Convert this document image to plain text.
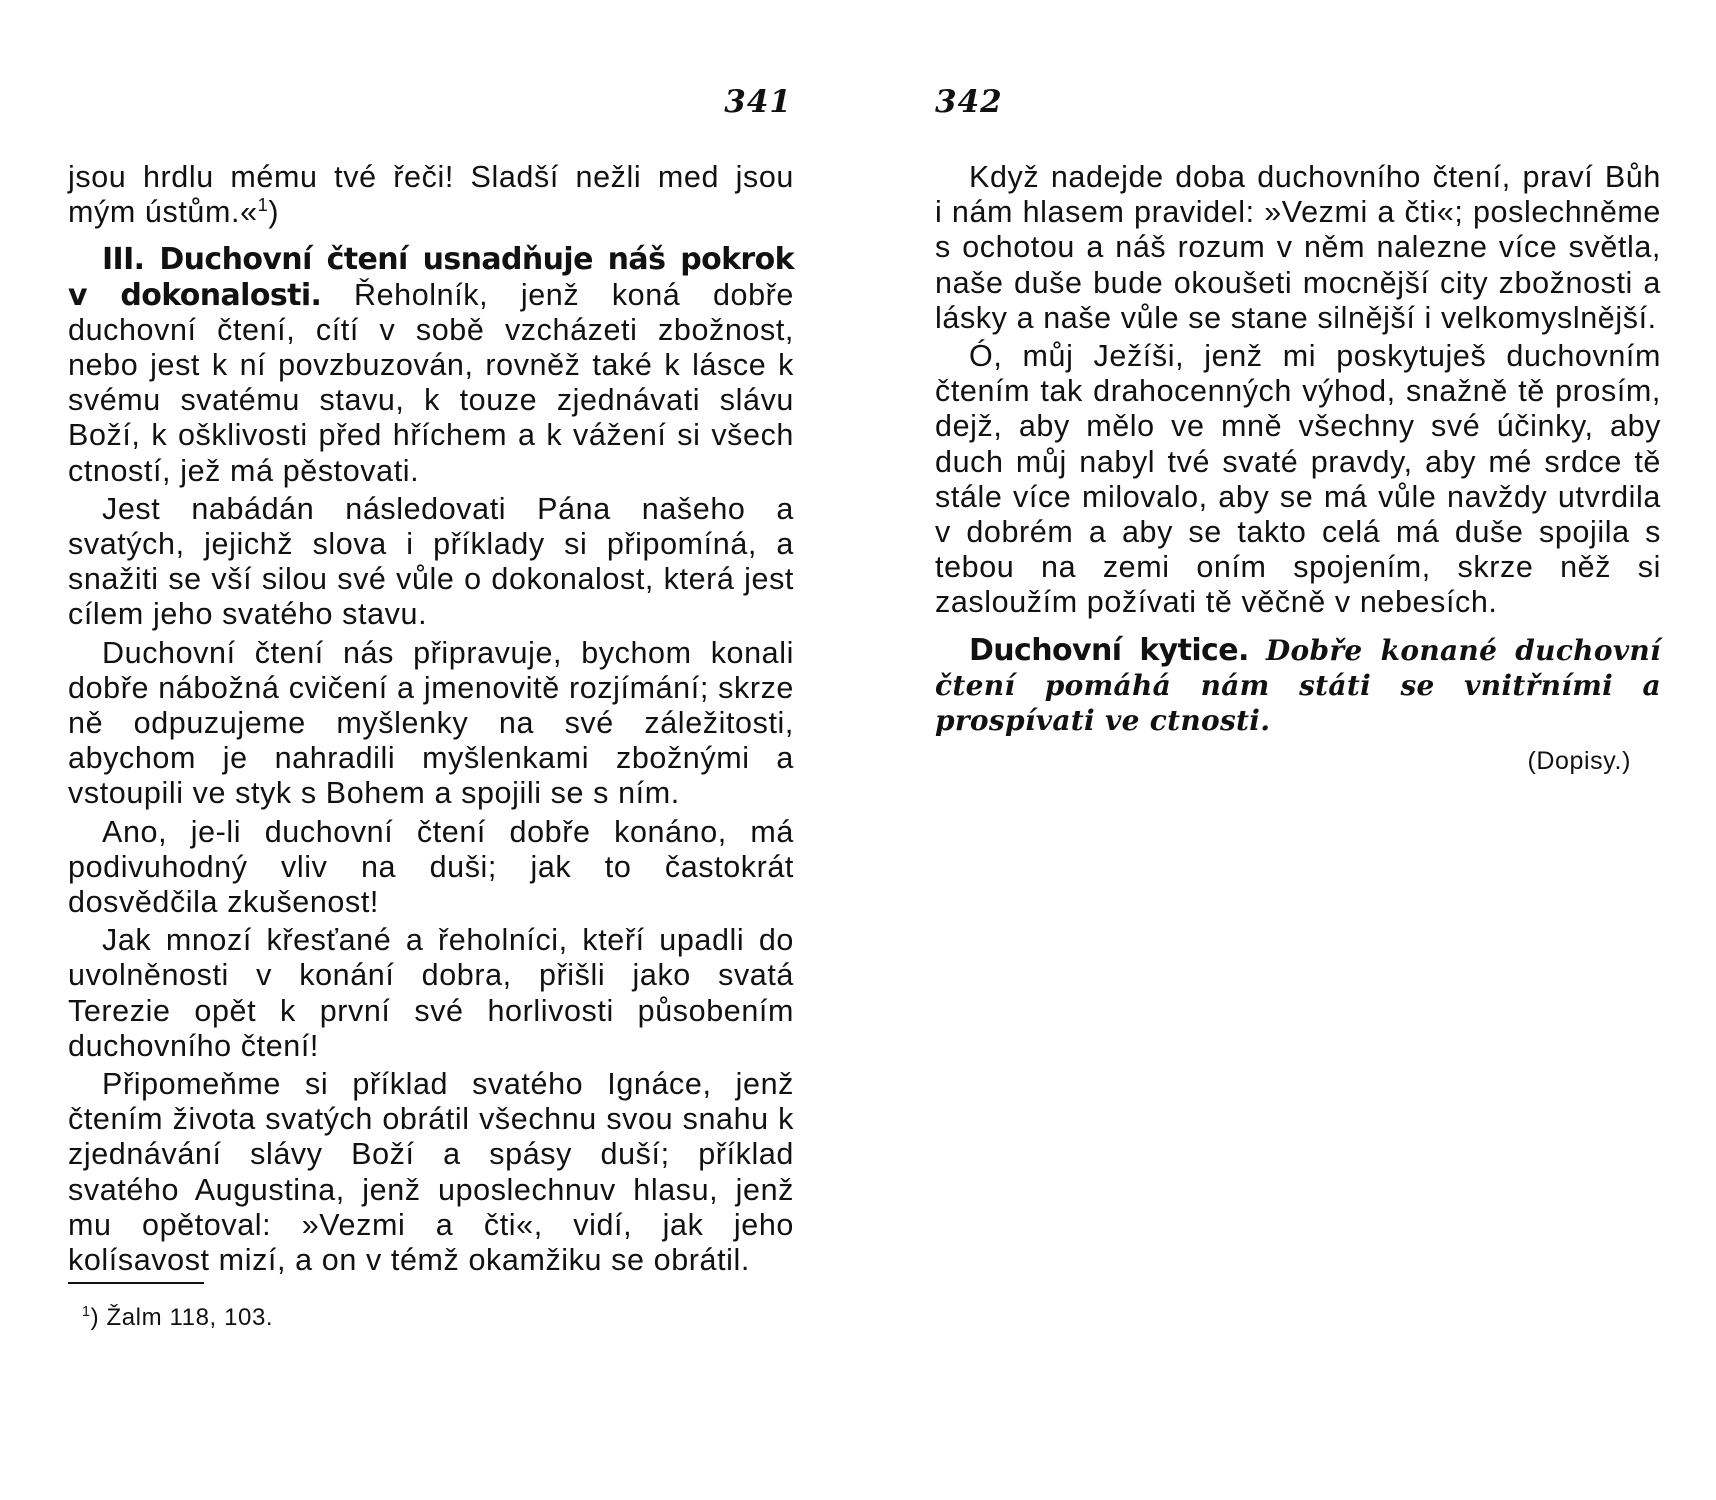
341

jsou hrdlu mému tvé řeči! Sladší nežli med jsou mým ústům.«$^1$)

III. Duchovní čtení usnadňuje náš pokrok v dokonalosti. Řeholník, jenž koná dobře duchovní čtení, cítí v sobě vzcházeti zbožnost, nebo jest k ní povzbuzován, rovněž také k lásce k svému svatému stavu, k touze zjednávati slávu Boží, k ošklivosti před hříchem a k vážení si všech ctností, jež má pěstovati.

Jest nabádán následovati Pána našeho a svatých, jejichž slova i příklady si připomíná, a snažiti se vší silou své vůle o dokonalost, která jest cílem jeho svatého stavu.

Duchovní čtení nás připravuje, bychom konali dobře nábožná cvičení a jmenovitě rozjímání; skrze ně odpuzujeme myšlenky na své záležitosti, abychom je nahradili myšlenkami zbožnými a vstoupili ve styk s Bohem a spojili se s ním.

Ano, je-li duchovní čtení dobře konáno, má podivuhodný vliv na duši; jak to častokrát dosvědčila zkušenost!

Jak mnozí křesťané a řeholníci, kteří upadli do uvolněnosti v konání dobra, přišli jako svatá Terezie opět k první své horlivosti působením duchovního čtení!

Připomeňme si příklad svatého Ignáce, jenž čtením života svatých obrátil všechnu svou snahu k zjednávání slávy Boží a spásy duší; příklad svatého Augustina, jenž uposlechnuv hlasu, jenž mu opětoval: »Vezmi a čti«, vidí, jak jeho kolísavost mizí, a on v témž okamžiku se obrátil.

$^1$) Žalm 118, 103.
342

Když nadejde doba duchovního čtení, praví Bůh i nám hlasem pravidel: »Vezmi a čti«; poslechněme s ochotou a náš rozum v něm nalezne více světla, naše duše bude okoušeti mocnější city zbožnosti a lásky a naše vůle se stane silnější i velkomyslnější.

Ó, můj Ježíši, jenž mi poskytuješ duchovním čtením tak drahocenných výhod, snažně tě prosím, dejž, aby mělo ve mně všechny své účinky, aby duch můj nabyl tvé svaté pravdy, aby mé srdce tě stále více milovalo, aby se má vůle navždy utvrdila v dobrém a aby se takto celá má duše spojila s tebou na zemi oním spojením, skrze něž si zasloužím požívati tě věčně v nebesích.

Duchovní kytice. Dobře konané duchovní čtení pomáhá nám státi se vnitřními a prospívati ve ctnosti.

(Dopisy.)
